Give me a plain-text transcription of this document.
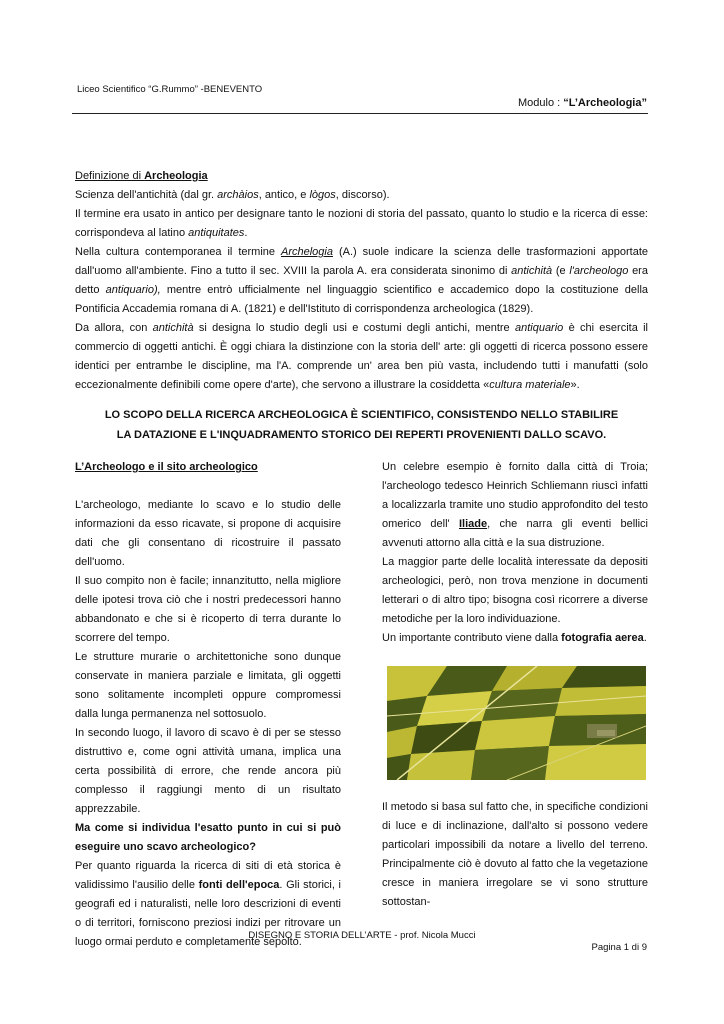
Liceo Scientifico “G.Rummo” -BENEVENTO
Modulo : “L’Archeologia”

Definizione di Archeologia

Scienza dell'antichità (dal gr. archàios, antico, e lògos, discorso).

Il termine era usato in antico per designare tanto le nozioni di storia del passato, quanto lo studio e la ricerca di esse: corrispondeva al latino antiquitates.

Nella cultura contemporanea il termine Archelogia (A.) suole indicare la scienza delle trasformazioni apportate dall'uomo all'ambiente. Fino a tutto il sec. XVIII la parola A. era considerata sinonimo di antichità (e l'archeologo era detto antiquario), mentre entrò ufficialmente nel linguaggio scientifico e accademico dopo la costituzione della Pontificia Accademia romana di A. (1821) e dell'Istituto di corrispondenza archeologica (1829).

Da allora, con antichità si designa lo studio degli usi e costumi degli antichi, mentre antiquario è chi esercita il commercio di oggetti antichi. È oggi chiara la distinzione con la storia dell' arte: gli oggetti di ricerca possono essere identici per entrambe le discipline, ma l'A. comprende un' area ben più vasta, includendo tutti i manufatti (solo eccezionalmente definibili come opere d'arte), che servono a illustrare la cosiddetta «cultura materiale».

LO SCOPO DELLA RICERCA ARCHEOLOGICA È SCIENTIFICO, CONSISTENDO NELLO STABILIRE
LA DATAZIONE E L'INQUADRAMENTO STORICO DEI REPERTI PROVENIENTI DALLO SCAVO.

L’Archeologo e il sito archeologico

L'archeologo, mediante lo scavo e lo studio delle informazioni da esso ricavate, si propone di acquisire dati che gli consentano di ricostruire il passato dell'uomo.

Il suo compito non è facile; innanzitutto, nella migliore delle ipotesi trova ciò che i nostri predecessori hanno abbandonato e che si è ricoperto di terra durante lo scorrere del tempo.

Le strutture murarie o architettoniche sono dunque conservate in maniera parziale e limitata, gli oggetti sono solitamente incompleti oppure compromessi dalla lunga permanenza nel sottosuolo.

In secondo luogo, il lavoro di scavo è di per se stesso distruttivo e, come ogni attività umana, implica una certa possibilità di errore, che rende ancora più complesso il raggiungi mento di un risultato apprezzabile.

Ma come si individua l'esatto punto in cui si può eseguire uno scavo archeologico?

Per quanto riguarda la ricerca di siti di età storica è validissimo l'ausilio delle fonti dell'epoca. Gli storici, i geografi ed i naturalisti, nelle loro descrizioni di eventi o di territori, forniscono preziosi indizi per ritrovare un luogo ormai perduto e completamente sepolto.

Un celebre esempio è fornito dalla città di Troia; l'archeologo tedesco Heinrich Schliemann riuscì infatti a localizzarla tramite uno studio approfondito del testo omerico dell' Iliade, che narra gli eventi bellici avvenuti attorno alla città e la sua distruzione.

La maggior parte delle località interessate da depositi archeologici, però, non trova menzione in documenti letterari o di altro tipo; bisogna così ricorrere a diverse metodiche per la loro individuazione.

Un importante contributo viene dalla fotografia aerea.

Il metodo si basa sul fatto che, in specifiche condizioni di luce e di inclinazione, dall'alto si possono vedere particolari impossibili da notare a livello del terreno. Principalmente ciò è dovuto al fatto che la vegetazione cresce in maniera irregolare se vi sono strutture sottostan-

DISEGNO E STORIA DELL’ARTE - prof. Nicola Mucci
Pagina 1 di 9
